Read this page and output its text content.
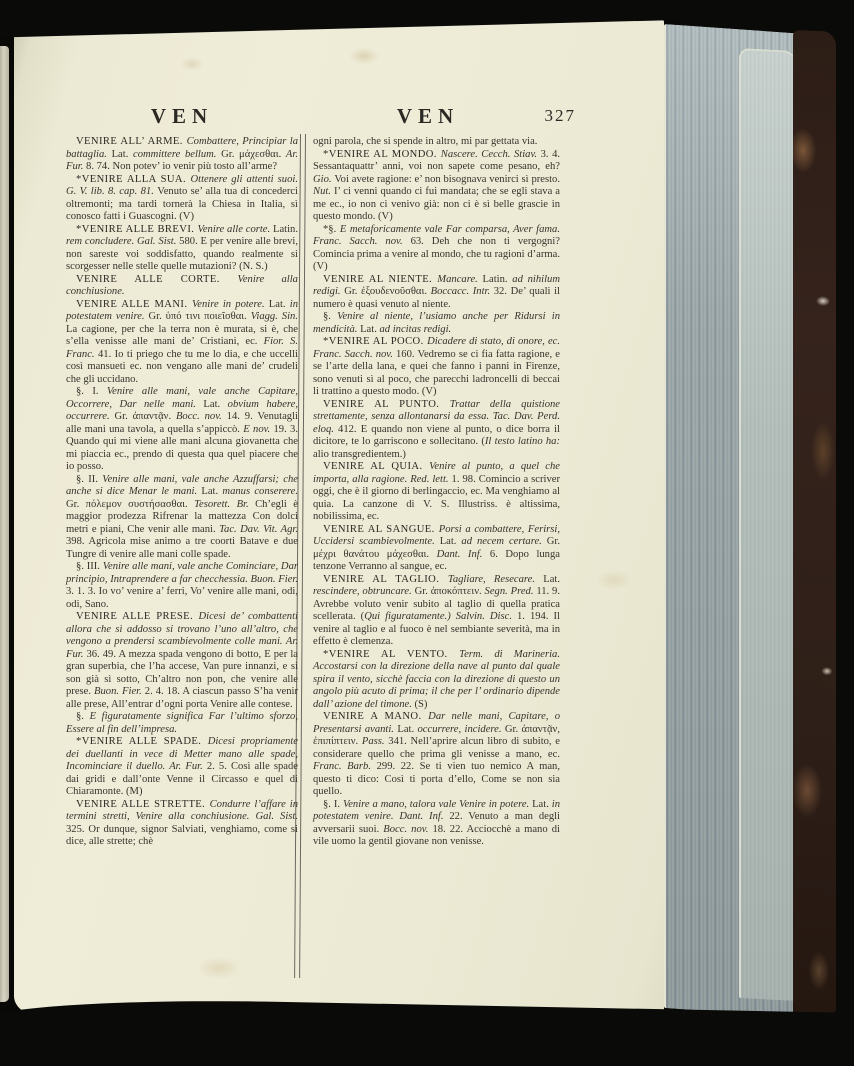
VEN	VEN	327

VENIRE ALL’ ARME. Combattere, Principiar la battaglia. Lat. committere bellum. Gr. μάχεσθαι. Ar. Fur. 8. 74. Non potev’ io venir più tosto all’arme?

*VENIRE ALLA SUA. Ottenere gli attenti suoi. G. V. lib. 8. cap. 81. Venuto se’ alla tua di concederci oltremonti; ma tardi tornerà la Chiesa in Italia, sì conosco fatti i Guascogni. (V)

*VENIRE ALLE BREVI. Venire alle corte. Latin. rem concludere. Gal. Sist. 580. E per venire alle brevi, non sareste voi soddisfatto, quando realmente si scorgesser nelle stelle quelle mutazioni? (N. S.)

VENIRE ALLE CORTE. Venire alla conchiusione.

VENIRE ALLE MANI. Venire in potere. Lat. in potestatem venire. Gr. ὑπό τινι ποιεῖσθαι. Viagg. Sin. La cagione, per che la terra non è murata, si è, che s’ella venisse alle mani de’ Cristiani, ec. Fior. S. Franc. 41. Io ti priego che tu me lo dia, e che uccelli così mansueti ec. non vengano alle mani de’ crudeli che gli uccidano.

§. I. Venire alle mani, vale anche Capitare, Occorrere, Dar nelle mani. Lat. obvium habere, occurrere. Gr. ἀπαντᾷν. Bocc. nov. 14. 9. Venutagli alle mani una tavola, a quella s’appiccò. E nov. 19. 3. Quando qui mi viene alle mani alcuna giovanetta che mi piaccia ec., prendo di questa qua quel piacere che io posso.

§. II. Venire alle mani, vale anche Azzuffarsi; che anche si dice Menar le mani. Lat. manus conserere. Gr. πόλεμον συστήσασθαι. Tesorett. Br. Ch’egli è maggior prodezza Rifrenar la mattezza Con dolci metri e piani, Che venir alle mani. Tac. Dav. Vit. Agr. 398. Agricola mise animo a tre coorti Batave e due Tungre di venire alle mani colle spade.

§. III. Venire alle mani, vale anche Cominciare, Dar principio, Intraprendere a far checchessia. Buon. Fier. 3. 1. 3. Io vo’ venire a’ ferri, Vo’ venire alle mani, odi, odi, Sano.

VENIRE ALLE PRESE. Dicesi de’ combattenti allora che sì addosso si trovano l’uno all’altro, che vengono a prendersi scambievolmente colle mani. Ar. Fur. 36. 49. A mezza spada vengono di botto, E per la gran superbia, che l’ha accese, Van pure innanzi, e si son già sì sotto, Ch’altro non pon, che venire alle prese. Buon. Fier. 2. 4. 18. A ciascun passo S’ha venir alle prese, All’entrar d’ogni porta Venire alle contese.

§. E figuratamente significa Far l’ultimo sforzo, Essere al fin dell’impresa.

*VENIRE ALLE SPADE. Dicesi propriamente dei duellanti in vece di Metter mano alle spade, Incominciare il duello. Ar. Fur. 2. 5. Così alle spade dai gridi e dall’onte Venne il Circasso e quel di Chiaramonte. (M)

VENIRE ALLE STRETTE. Condurre l’affare in termini stretti, Venire alla conchiusione. Gal. Sist. 325. Or dunque, signor Salviati, venghiamo, come si dice, alle strette; chè

ogni parola, che si spende in altro, mi par gettata via.

*VENIRE AL MONDO. Nascere. Cecch. Stiav. 3. 4. Sessantaquattr’ anni, voi non sapete come pesano, eh? Gio. Voi avete ragione: e’ non bisognava venirci sì presto. Nut. I’ ci venni quando ci fui mandata; che se egli stava a me ec., io non ci venivo già: non ci è sì belle grascie in questo mondo. (V)

*§. E metaforicamente vale Far comparsa, Aver fama. Franc. Sacch. nov. 63. Deh che non ti vergogni? Comincia prima a venire al mondo, che tu ragioni d’arma. (V)

VENIRE AL NIENTE. Mancare. Latin. ad nihilum redigi. Gr. ἐξουδενοῦσθαι. Boccacc. Intr. 32. De’ quali il numero è quasi venuto al niente.

§. Venire al niente, l’usiamo anche per Ridursi in mendicità. Lat. ad incitas redigi.

*VENIRE AL POCO. Dicadere di stato, di onore, ec. Franc. Sacch. nov. 160. Vedremo se ci fia fatta ragione, e se l’arte della lana, e quei che fanno i panni in Firenze, sono venuti sì al poco, che parecchi ladroncelli di beccai li trattino a questo modo. (V)

VENIRE AL PUNTO. Trattar della quistione strettamente, senza allontanarsi da essa. Tac. Dav. Perd. eloq. 412. E quando non viene al punto, o dice borra il dicitore, te lo garriscono e sollecitano. (Il testo latino ha: alio transgredientem.)

VENIRE AL QUIA. Venire al punto, a quel che importa, alla ragione. Red. lett. 1. 98. Comincio a scriver oggi, che è il giorno di berlingaccio, ec. Ma venghiamo al quia. La canzone di V. S. Illustriss. è altissima, nobilissima, ec.

VENIRE AL SANGUE. Porsi a combattere, Ferirsi, Uccidersi scambievolmente. Lat. ad necem certare. Gr. μέχρι θανάτου μάχεσθαι. Dant. Inf. 6. Dopo lunga tenzone Verranno al sangue, ec.

VENIRE AL TAGLIO. Tagliare, Resecare. Lat. rescindere, obtruncare. Gr. ἀποκόπτειν. Segn. Pred. 11. 9. Avrebbe voluto venir subito al taglio di quella pratica scellerata. (Qui figuratamente.) Salvin. Disc. 1. 194. Il venire al taglio e al fuoco è nel sembiante severità, ma in effetto è clemenza.

*VENIRE AL VENTO. Term. di Marineria. Accostarsi con la direzione della nave al punto dal quale spira il vento, sicchè faccia con la direzione di questo un angolo più acuto di prima; il che per l’ ordinario dipende dall’ azione del timone. (S)

VENIRE A MANO. Dar nelle mani, Capitare, o Presentarsi avanti. Lat. occurrere, incidere. Gr. ἀπαντᾷν, ἐπιπίπτειν. Pass. 341. Nell’aprire alcun libro di subito, e considerare quello che prima gli venisse a mano, ec. Franc. Barb. 299. 22. Se ti vien tuo nemico A man, questo ti dico: Così ti porta d’ello, Come se non sia quello.

§. I. Venire a mano, talora vale Venire in potere. Lat. in potestatem venire. Dant. Inf. 22. Venuto a man degli avversarii suoi. Bocc. nov. 18. 22. Acciocchè a mano di vile uomo la gentil giovane non venisse.
